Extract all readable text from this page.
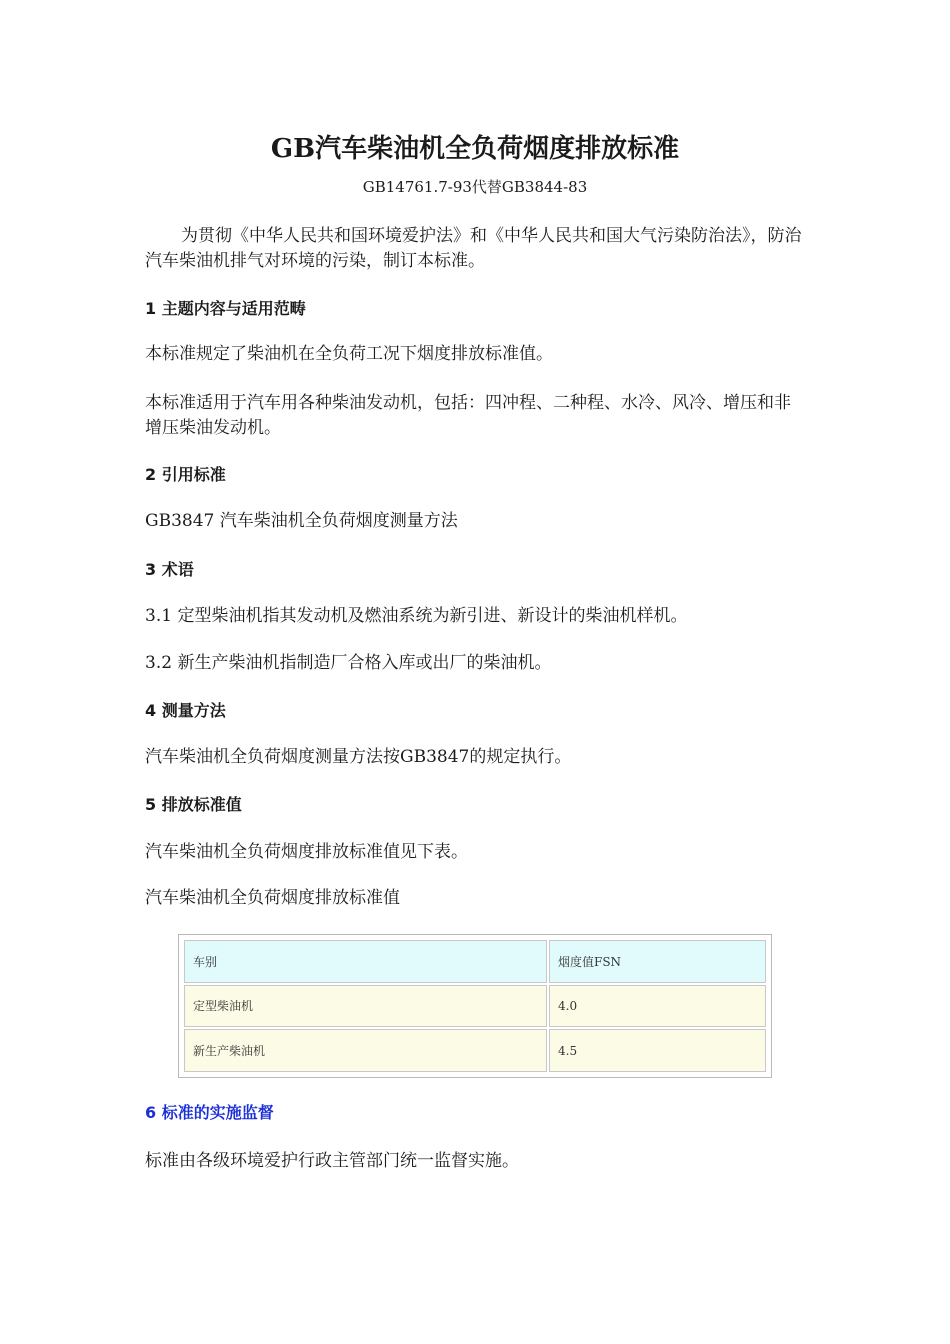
GB汽车柴油机全负荷烟度排放标准

GB14761.7-93代替GB3844-83

为贯彻《中华人民共和国环境爱护法》和《中华人民共和国大气污染防治法》，防治汽车柴油机排气对环境的污染，制订本标准。

1 主题内容与适用范畴

本标准规定了柴油机在全负荷工况下烟度排放标准值。

本标准适用于汽车用各种柴油发动机，包括：四冲程、二种程、水冷、风冷、增压和非增压柴油发动机。

2 引用标准

GB3847 汽车柴油机全负荷烟度测量方法

3 术语

3.1 定型柴油机指其发动机及燃油系统为新引进、新设计的柴油机样机。

3.2 新生产柴油机指制造厂合格入库或出厂的柴油机。

4 测量方法

汽车柴油机全负荷烟度测量方法按GB3847的规定执行。

5 排放标准值

汽车柴油机全负荷烟度排放标准值见下表。

汽车柴油机全负荷烟度排放标准值

车别	烟度值FSN
定型柴油机	4.0
新生产柴油机	4.5
6 标准的实施监督

标准由各级环境爱护行政主管部门统一监督实施。
